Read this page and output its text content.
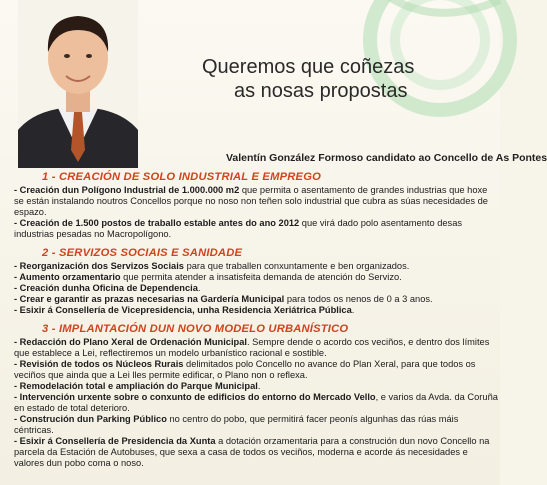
Queremos que coñezas
as nosas propostas
Valentín González Formoso candidato ao Concello de As Pontes
1 - CREACIÓN DE SOLO INDUSTRIAL E EMPREGO

- Creación dun Polígono Industrial de 1.000.000 m2 que permita o asentamento de grandes industrias que hoxe se están instalando noutros Concellos porque no noso non teñen solo industrial que cubra as súas necesidades de espazo.

- Creación de 1.500 postos de traballo estable antes do ano 2012 que virá dado polo asentamento desas industrias pesadas no Macropolígono.

2 - SERVIZOS SOCIAIS E SANIDADE

- Reorganización dos Servizos Sociais para que traballen conxuntamente e ben organizados.

- Aumento orzamentario que permita atender a insatisfeita demanda de atención do Servizo.

- Creación dunha Oficina de Dependencia.

- Crear e garantir as prazas necesarias na Gardería Municipal para todos os nenos de 0 a 3 anos.

- Esixir á Consellería de Vicepresidencia, unha Residencia Xeriátrica Pública.

3 - IMPLANTACIÓN DUN NOVO MODELO URBANÍSTICO

- Redacción do Plano Xeral de Ordenación Municipal. Sempre dende o acordo cos veciños, e dentro dos límites que establece a Lei, reflectiremos un modelo urbanístico racional e sostible.

- Revisión de todos os Núcleos Rurais delimitados polo Concello no avance do Plan Xeral, para que todos os veciños que ainda que a Lei lles permite edificar, o Plano non o reflexa.

- Remodelación total e ampliación do Parque Municipal.

- Intervención urxente sobre o conxunto de edificios do entorno do Mercado Vello, e varios da Avda. da Coruña en estado de total deterioro.

- Construción dun Parking Público no centro do pobo, que permitirá facer peonís algunhas das rúas máis céntricas.

- Esixir á Consellería de Presidencia da Xunta a dotación orzamentaria para a construción dun novo Concello na parcela da Estación de Autobuses, que sexa a casa de todos os veciños, moderna e acorde ás necesidades e valores dun pobo coma o noso.
